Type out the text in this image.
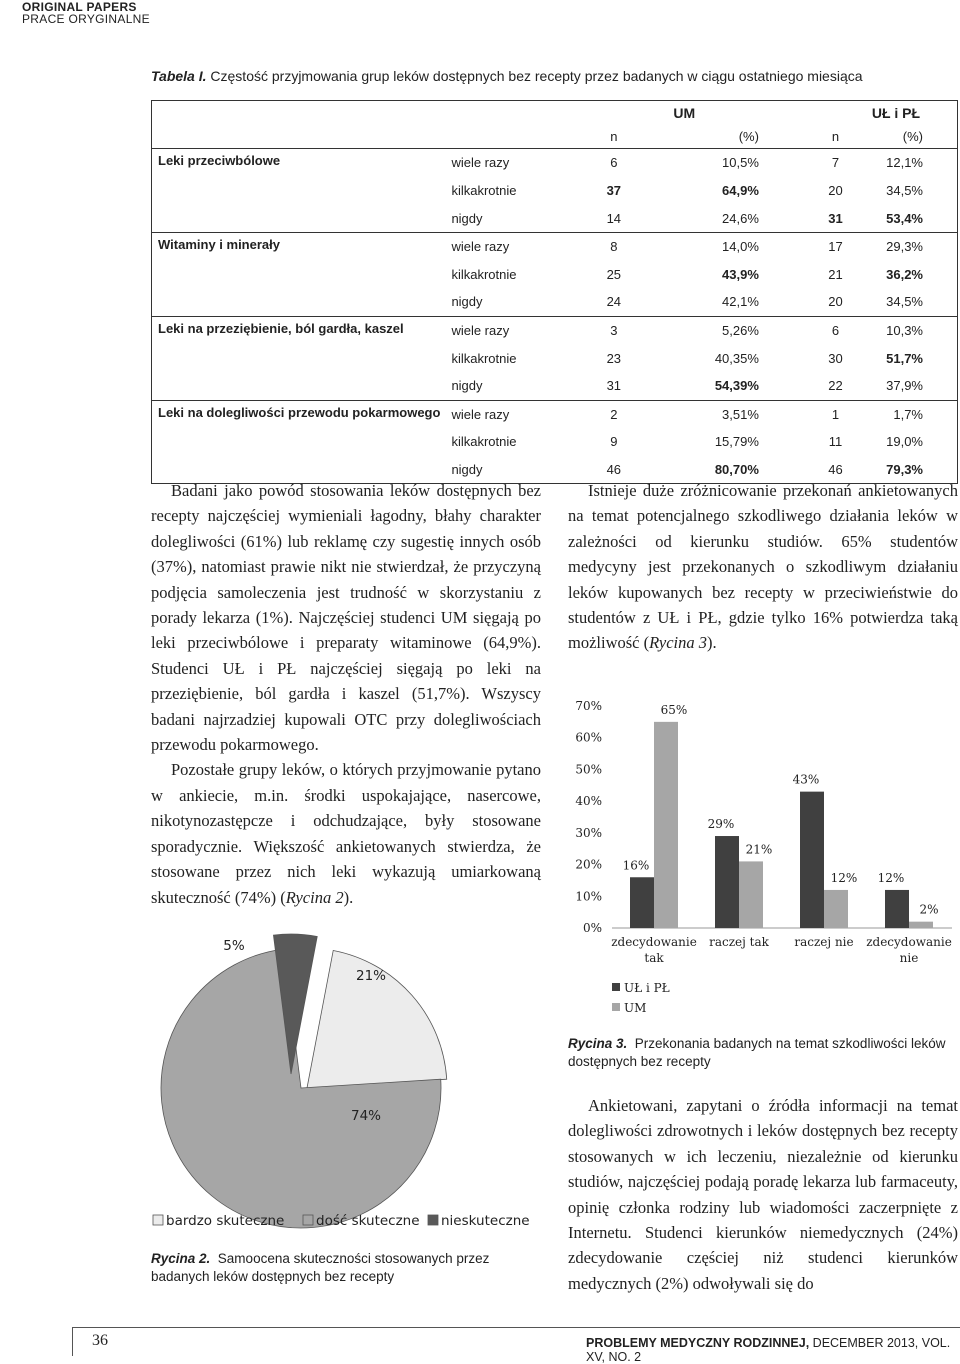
ORIGINAL PAPERS
PRACE ORYGINALNE
Tabela I. Częstość przyjmowania grup leków dostępnych bez recepty przez badanych w ciągu ostatniego miesiąca
		UM		UŁ i PŁ	
		n	(%)	n	(%)
Leki przeciwbólowe	wiele razy	6	10,5%	7	12,1%
	kilkakrotnie	37	64,9%	20	34,5%
	nigdy	14	24,6%	31	53,4%
Witaminy i minerały	wiele razy	8	14,0%	17	29,3%
	kilkakrotnie	25	43,9%	21	36,2%
	nigdy	24	42,1%	20	34,5%
Leki na przeziębienie, ból gardła, kaszel	wiele razy	3	5,26%	6	10,3%
	kilkakrotnie	23	40,35%	30	51,7%
	nigdy	31	54,39%	22	37,9%
Leki na dolegliwości przewodu pokarmowego	wiele razy	2	3,51%	1	1,7%
	kilkakrotnie	9	15,79%	11	19,0%
	nigdy	46	80,70%	46	79,3%

Badani jako powód stosowania leków dostępnych bez recepty najczęściej wymieniali łagodny, błahy charakter dolegliwości (61%) lub reklamę czy sugestię innych osób (37%), natomiast prawie nikt nie stwierdzał, że przyczyną podjęcia samoleczenia jest trudność w skorzystaniu z porady lekarza (1%). Najczęściej studenci UM sięgają po leki przeciwbólowe i preparaty witaminowe (64,9%). Studenci UŁ i PŁ najczęściej sięgają po leki na przeziębienie, ból gardła i kaszel (51,7%). Wszyscy badani najrzadziej kupowali OTC przy dolegliwościach przewodu pokarmowego.

Pozostałe grupy leków, o których przyjmowanie pytano w ankiecie, m.in. środki uspokajające, nasercowe, nikotynozastępcze i odchudzające, były stosowane sporadycznie. Większość ankietowanych stwierdza, że stosowane przez nich leki wykazują umiarkowaną skuteczność (74%) (Rycina 2).

Istnieje duże zróżnicowanie przekonań ankietowanych na temat potencjalnego szkodliwego działania leków w zależności od kierunku studiów. 65% studentów medycyny jest przekonanych o szkodliwym działaniu leków kupowanych bez recepty w przeciwieństwie do studentów z UŁ i PŁ, gdzie tylko 16% potwierdza taką możliwość (Rycina 3).

Ankietowani, zapytani o źródła informacji na temat dolegliwości zdrowotnych i leków dostępnych bez recepty stosowanych w ich leczeniu, niezależnie od kierunku studiów, najczęściej podają poradę lekarza lub farmaceuty, opinię członka rodziny lub wiadomości zaczerpnięte z Internetu. Studenci kierunków niemedycznych (24%) zdecydowanie częściej niż studenci kierunków medycznych (2%) odwoływali się do

21%
74%
5%
bardzo skuteczne dość skuteczne nieskuteczne
Rycina 2. Samoocena skuteczności stosowanych przez badanych leków dostępnych bez recepty
0%
10%
20%
30%
40%
50%
60%
70%
16%
65%
zdecydowanie
tak
29%
21%
raczej tak
43%
12%
raczej nie
12%
2%
zdecydowanie
nie
UŁ i PŁ
UM
Rycina 3. Przekonania badanych na temat szkodliwości leków dostępnych bez recepty
36	PROBLEMY MEDYCZNY RODZINNEJ, DECEMBER 2013, VOL. XV, NO. 2
